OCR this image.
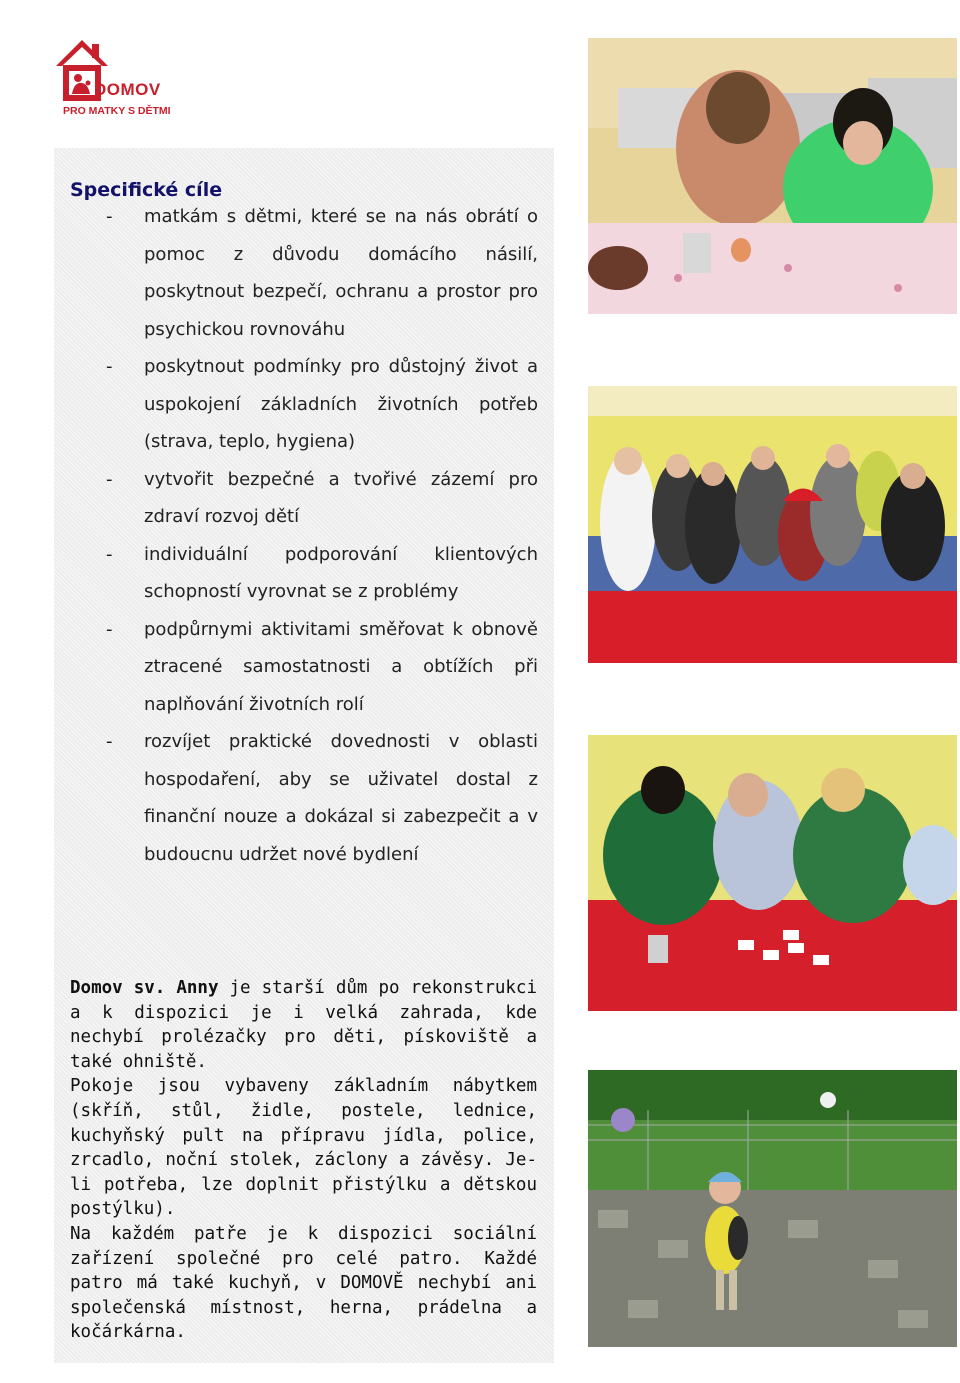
DOMOV
PRO MATKY S DĚTMI
Specifické cíle
- matkám s dětmi, které se na nás obrátí o pomoc z důvodu domácího násilí, poskytnout bezpečí, ochranu a prostor pro psychickou rovnováhu
- poskytnout podmínky pro důstojný život a uspokojení základních životních potřeb (strava, teplo, hygiena)
- vytvořit bezpečné a tvořivé zázemí pro zdraví rozvoj dětí
- individuální podporování klientových schopností vyrovnat se z problémy
- podpůrnymi aktivitami směřovat k obnově ztracené samostatnosti a obtížích při naplňování životních rolí
- rozvíjet praktické dovednosti v oblasti hospodaření, aby se uživatel dostal z finanční nouze a dokázal si zabezpečit a v budoucnu udržet nové bydlení

Domov sv. Anny je starší dům po rekonstrukci a k dispozici je i velká zahrada, kde nechybí prolézačky pro děti, pískoviště a také ohniště.

Pokoje jsou vybaveny základním nábytkem (skříň, stůl, židle, postele, lednice, kuchyňský pult na přípravu jídla, police, zrcadlo, noční stolek, záclony a závěsy. Je-li potřeba, lze doplnit přistýlku a dětskou postýlku).

Na každém patře je k dispozici sociální zařízení společné pro celé patro. Každé patro má také kuchyň, v DOMOVĚ nechybí ani společenská místnost, herna, prádelna a kočárkárna.
